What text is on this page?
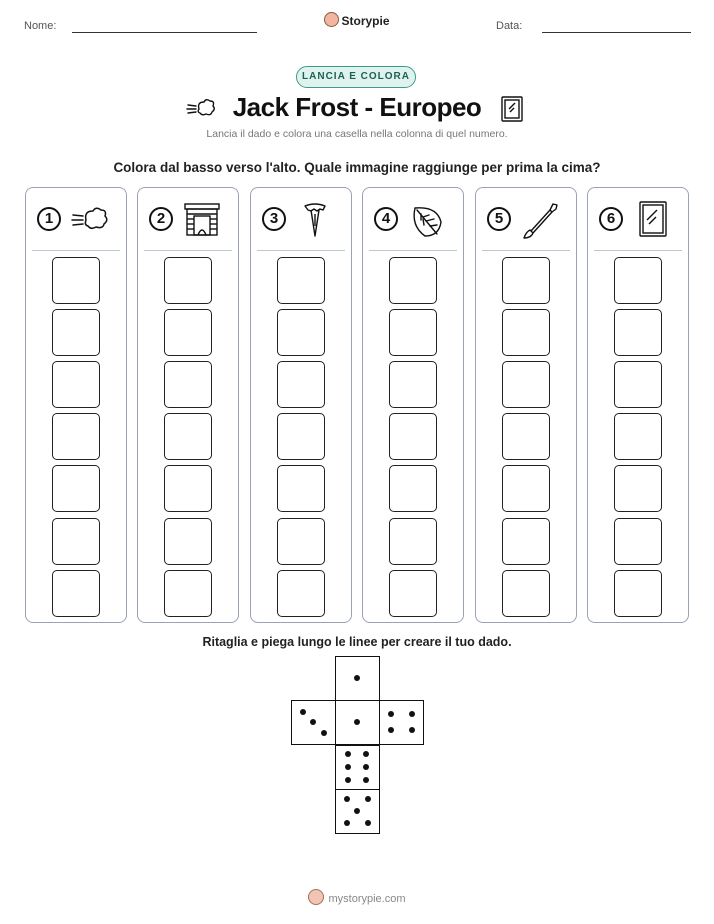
Nome:	Storypie	Data:
LANCIA E COLORA
Jack Frost - Europeo
Lancia il dado e colora una casella nella colonna di quel numero.
Colora dal basso verso l'alto. Quale immagine raggiunge per prima la cima?
1	2	3	4	5	6
Ritaglia e piega lungo le linee per creare il tuo dado.
mystorypie.com
